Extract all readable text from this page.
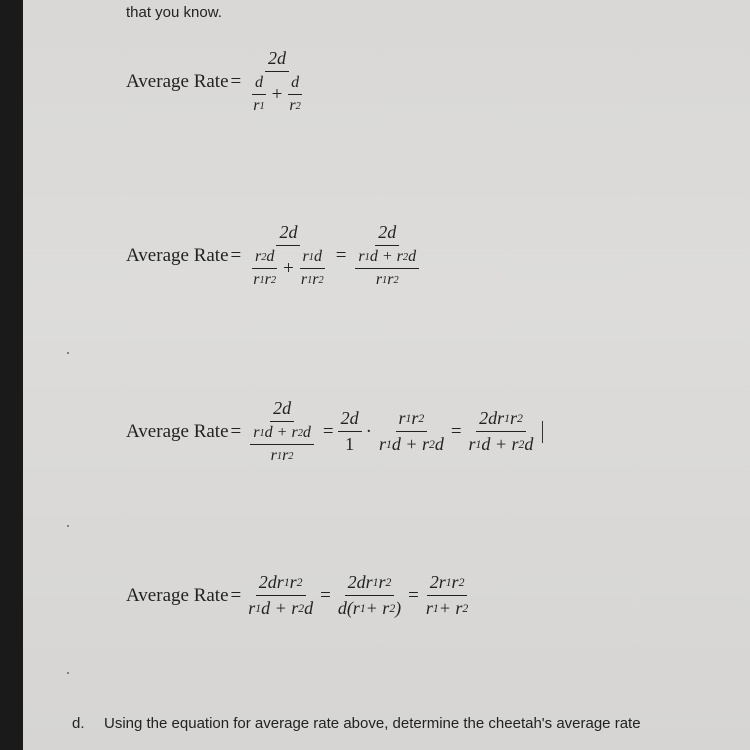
that you know.
Average Rate =
2d
$\frac{d}{r 1} + \frac{d}{r 2}$
Average Rate =
2d
$\frac{r 2 d}{r 1 r 2} + \frac{r 1 d}{r 1 r 2} = \frac{2d}{\frac{r 1 d + r 2 d}{r 1 r 2}}$
Average Rate = $\frac{2d}{\frac{r 1 d + r 2 d}{r 1 r 2}} = \frac{2d}{1} \cdot \frac{r 1 r 2}{r 1 d + r 2 d} = \frac{2dr 1 r 2}{r 1 d + r 2 d}$
Average Rate = $\frac{2dr 1 r 2}{r 1 d + r 2 d} = \frac{2dr 1 r 2}{d(r 1 + r 2 )} = \frac{2r 1 r 2}{r 1 + r 2}$
d. Using the equation for average rate above, determine the cheetah's average rate
